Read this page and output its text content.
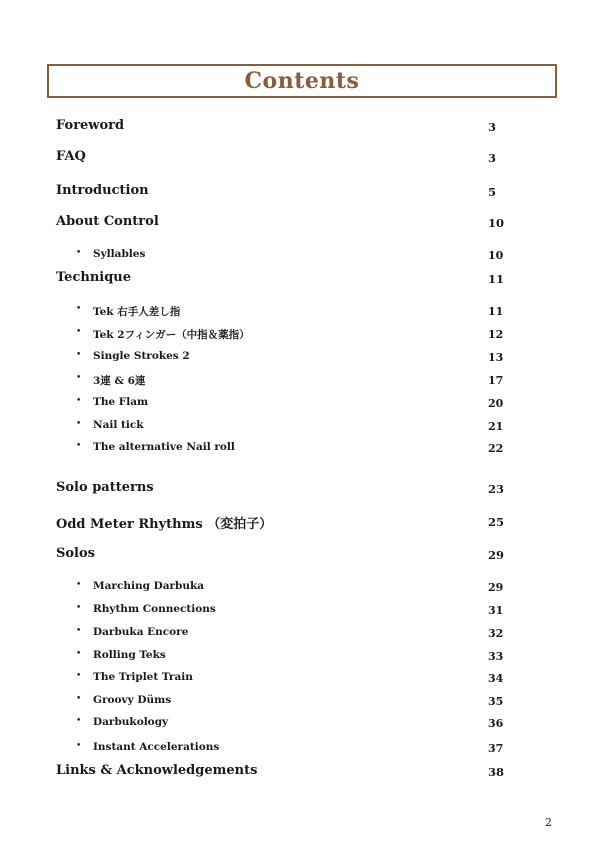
Contents
Foreword	3
FAQ	3
Introduction	5
About Control	10
• Syllables	10
Technique	11
• Tek 右手人差し指	11
• Tek 2フィンガー（中指＆薬指）	12
• Single Strokes 2	13
• 3連 & 6連	17
• The Flam	20
• Nail tick	21
• The alternative Nail roll	22
Solo patterns	23
Odd Meter Rhythms （変拍子）	25
Solos	29
• Marching Darbuka	29
• Rhythm Connections	31
• Darbuka Encore	32
• Rolling Teks	33
• The Triplet Train	34
• Groovy Düms	35
• Darbukology	36
• Instant Accelerations	37
Links & Acknowledgements	38
2
